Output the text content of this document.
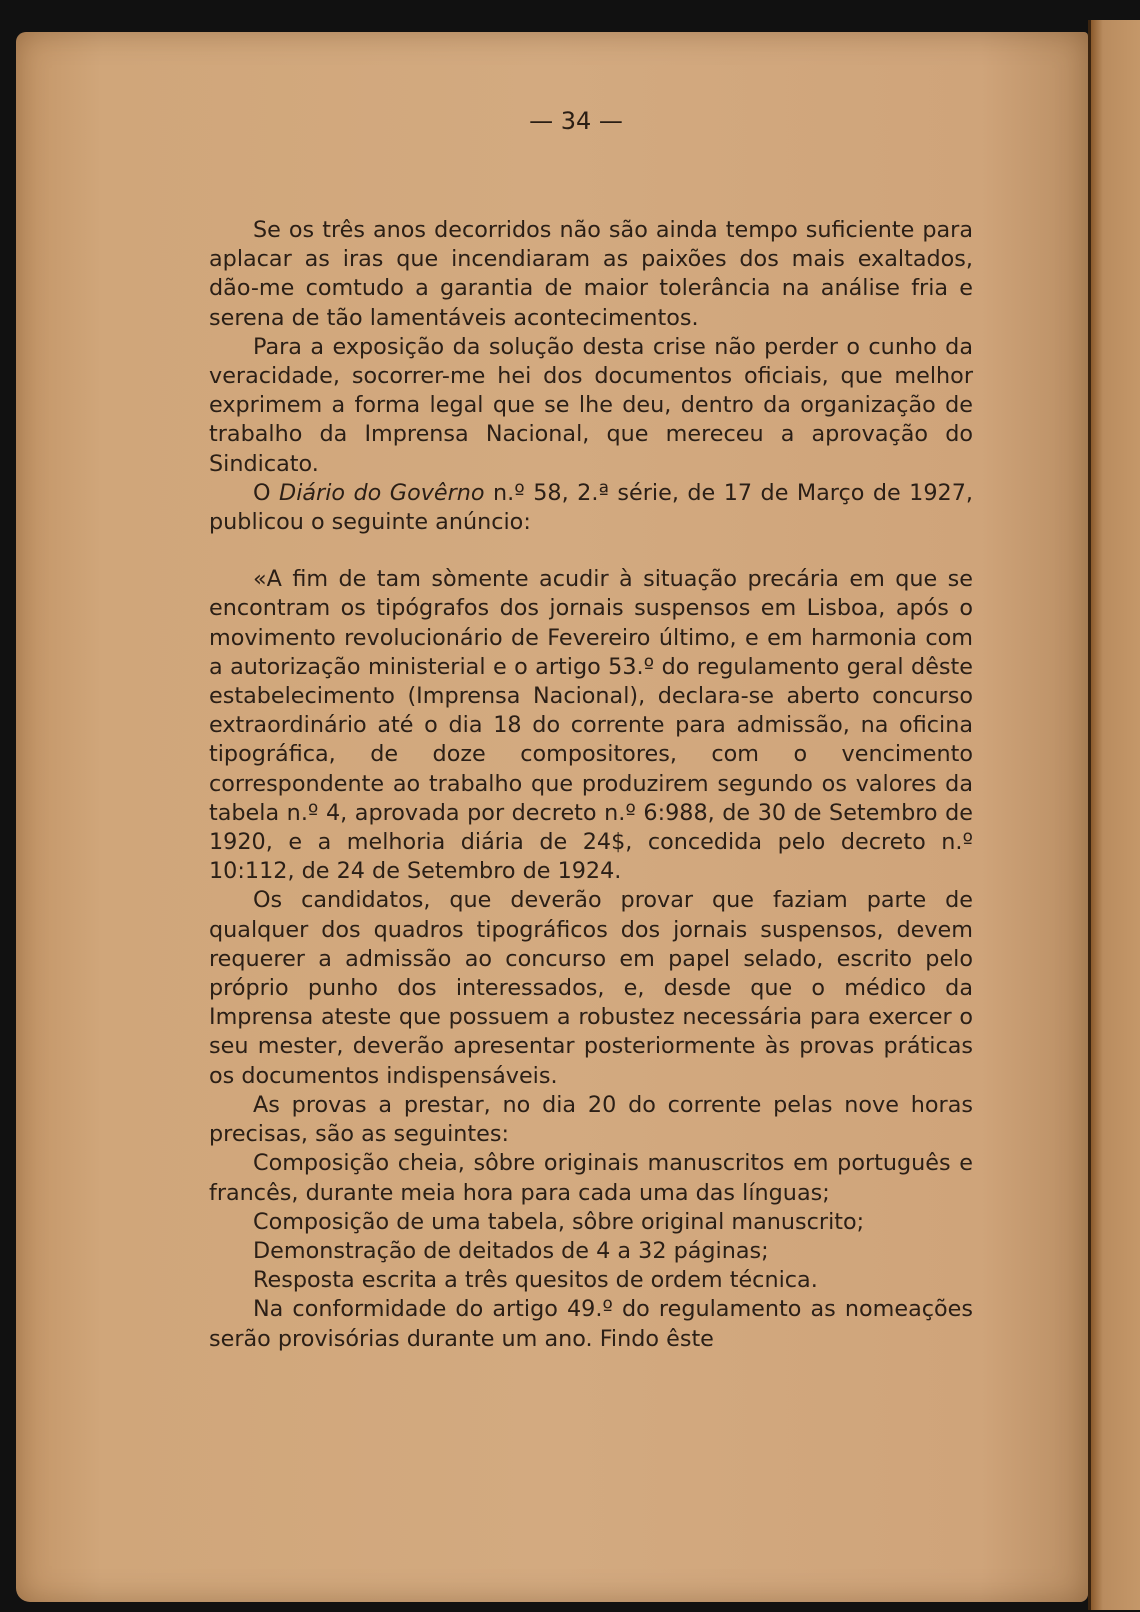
— 34 —

Se os três anos decorridos não são ainda tempo suficiente para aplacar as iras que incendiaram as paixões dos mais exaltados, dão-me comtudo a garantia de maior tolerância na análise fria e serena de tão lamentáveis acontecimentos.

Para a exposição da solução desta crise não perder o cunho da veracidade, socorrer-me hei dos documentos oficiais, que melhor exprimem a forma legal que se lhe deu, dentro da organização de trabalho da Imprensa Nacional, que mereceu a aprovação do Sindicato.

O Diário do Govêrno n.º 58, 2.ª série, de 17 de Março de 1927, publicou o seguinte anúncio:

«A fim de tam sòmente acudir à situação precária em que se encontram os tipógrafos dos jornais suspensos em Lisboa, após o movimento revolucionário de Fevereiro último, e em harmonia com a autorização ministerial e o artigo 53.º do regulamento geral dêste estabelecimento (Imprensa Nacional), declara-se aberto concurso extraordinário até o dia 18 do corrente para admissão, na oficina tipográfica, de doze compositores, com o vencimento correspondente ao trabalho que produzirem segundo os valores da tabela n.º 4, aprovada por decreto n.º 6:988, de 30 de Setembro de 1920, e a melhoria diária de 24$, concedida pelo decreto n.º 10:112, de 24 de Setembro de 1924.

Os candidatos, que deverão provar que faziam parte de qualquer dos quadros tipográficos dos jornais suspensos, devem requerer a admissão ao concurso em papel selado, escrito pelo próprio punho dos interessados, e, desde que o médico da Imprensa ateste que possuem a robustez necessária para exercer o seu mester, deverão apresentar posteriormente às provas práticas os documentos indispensáveis.

As provas a prestar, no dia 20 do corrente pelas nove horas precisas, são as seguintes:

Composição cheia, sôbre originais manuscritos em português e francês, durante meia hora para cada uma das línguas;

Composição de uma tabela, sôbre original manuscrito;

Demonstração de deitados de 4 a 32 páginas;

Resposta escrita a três quesitos de ordem técnica.

Na conformidade do artigo 49.º do regulamento as nomeações serão provisórias durante um ano. Findo êste
